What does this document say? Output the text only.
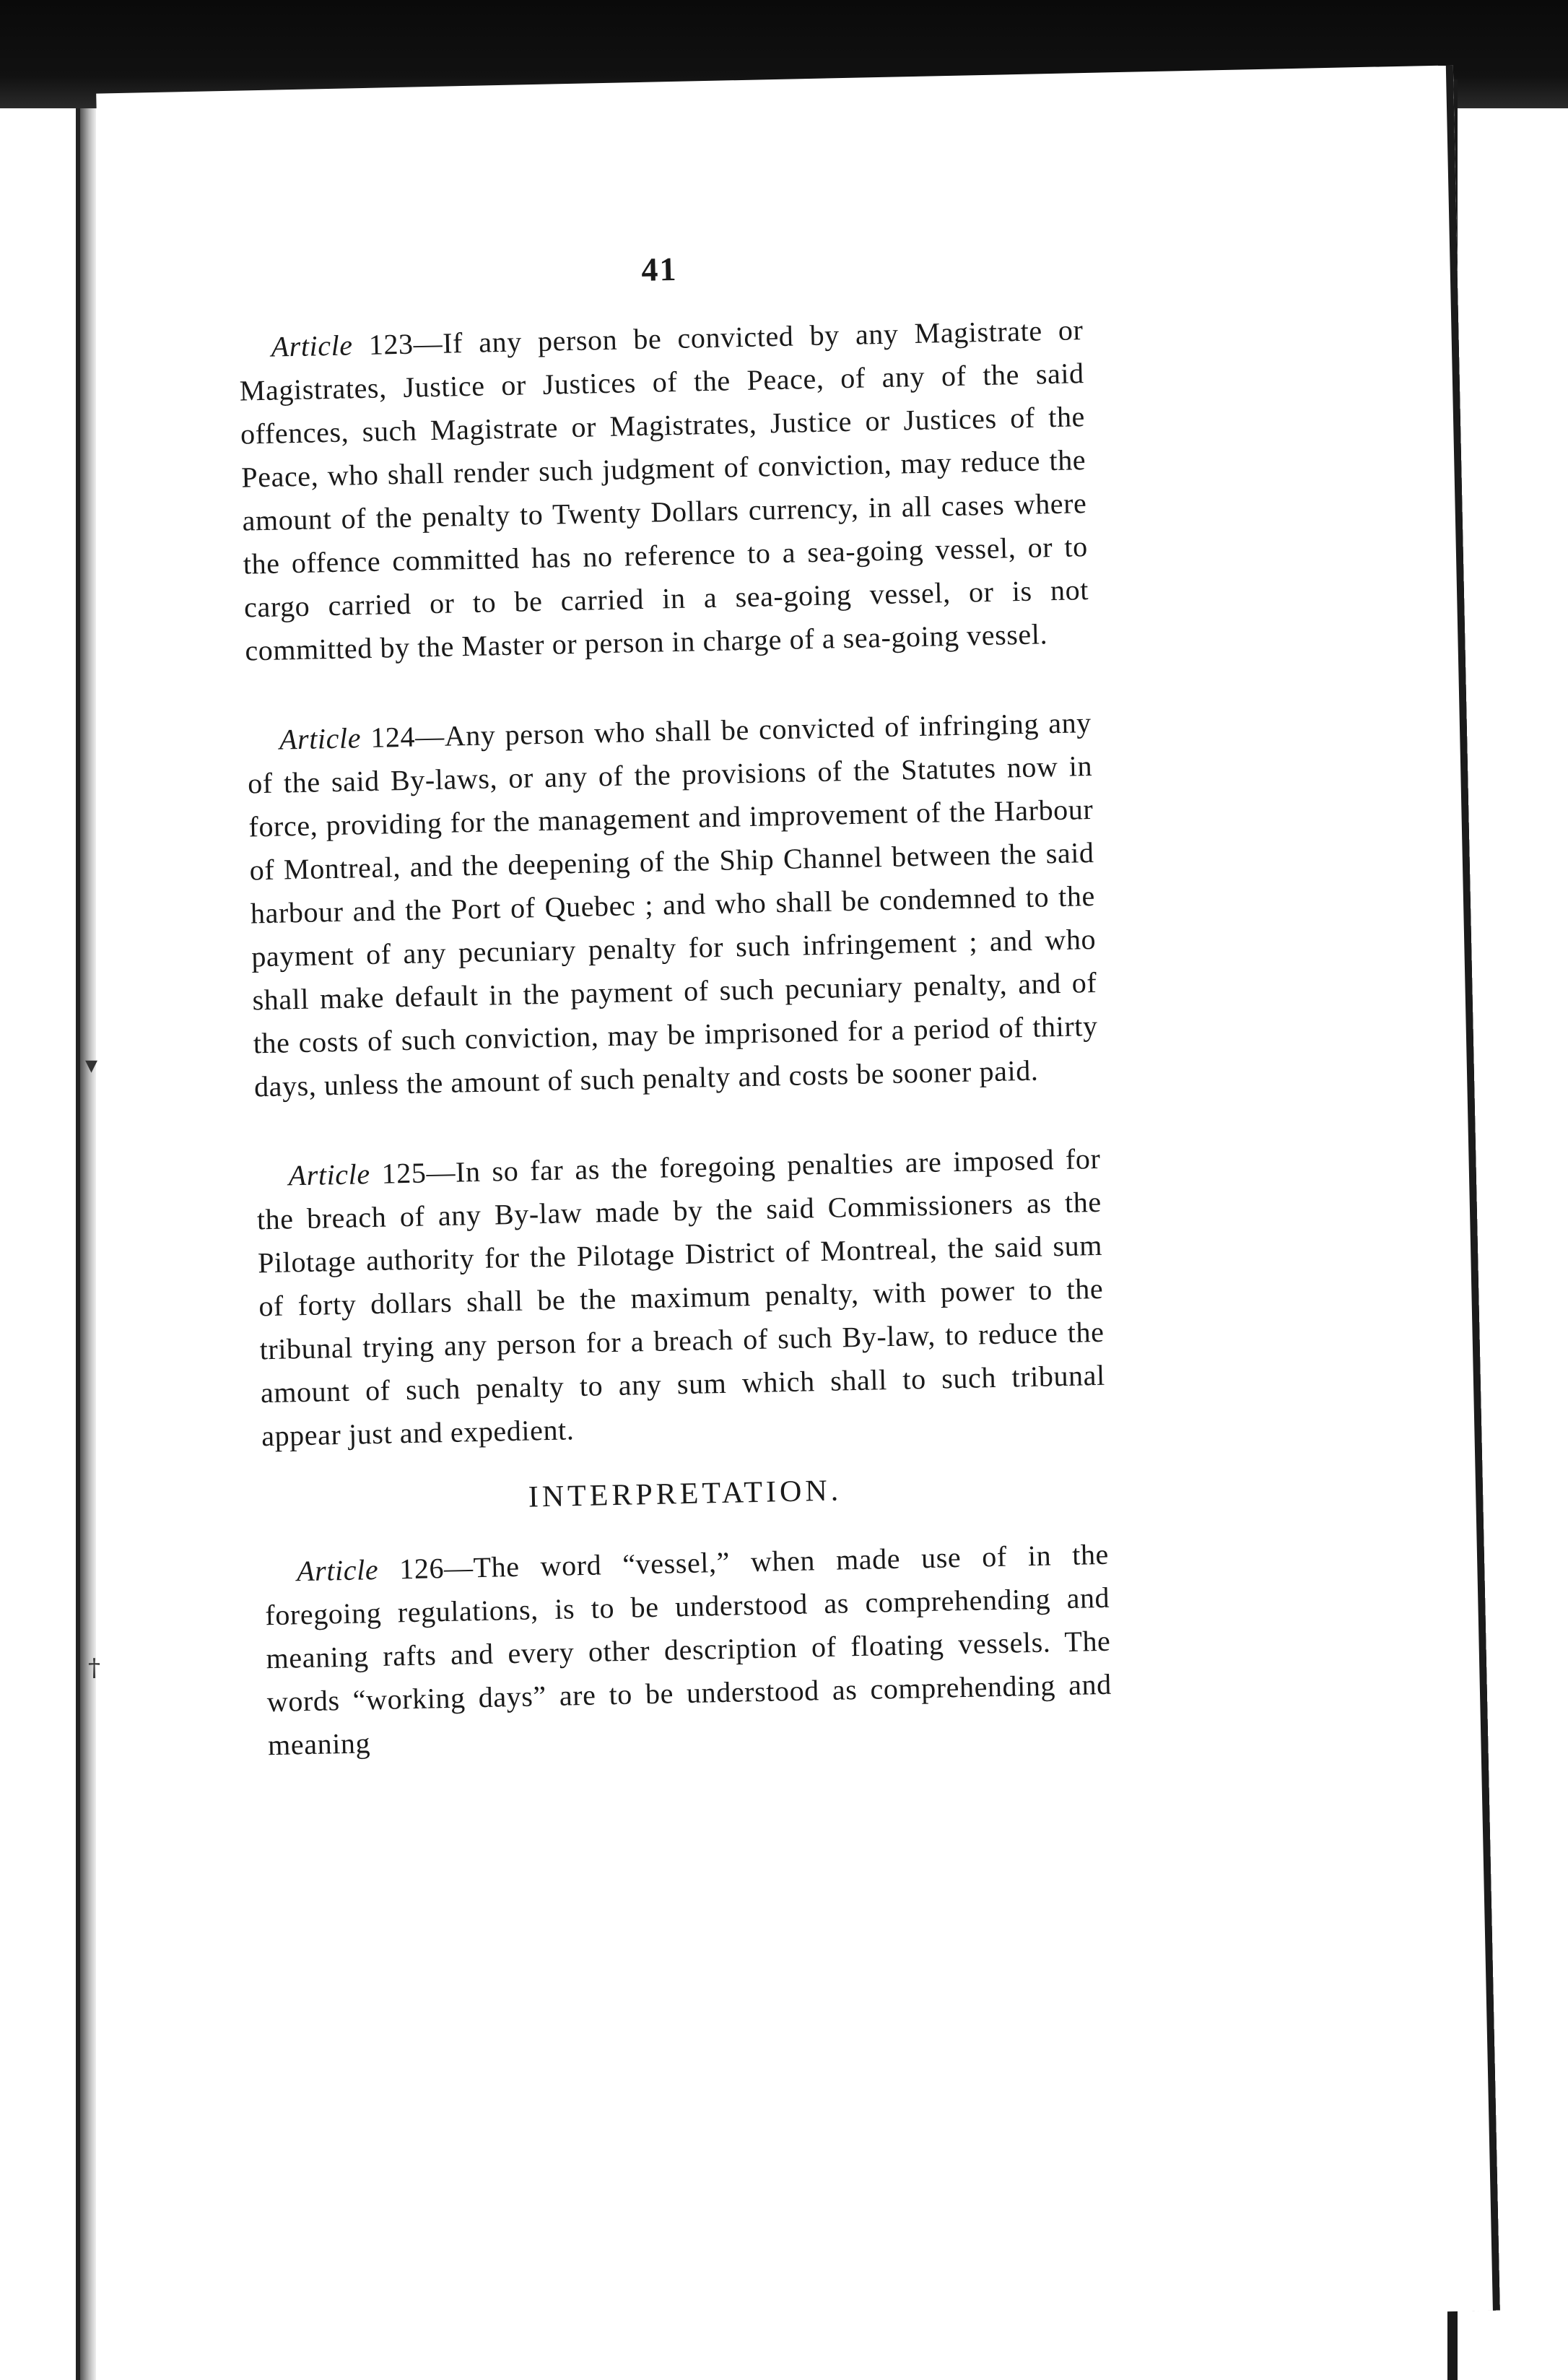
▾
†
41

Article 123—If any person be convicted by any Magistrate or Magistrates, Justice or Justices of the Peace, of any of the said offences, such Magistrate or Magistrates, Justice or Justices of the Peace, who shall render such judgment of conviction, may reduce the amount of the penalty to Twenty Dollars currency, in all cases where the offence committed has no reference to a sea-going vessel, or to cargo carried or to be carried in a sea-going vessel, or is not committed by the Master or person in charge of a sea-going vessel.

Article 124—Any person who shall be convicted of infringing any of the said By-laws, or any of the provisions of the Statutes now in force, providing for the management and improvement of the Harbour of Montreal, and the deepening of the Ship Channel between the said harbour and the Port of Quebec ; and who shall be condemned to the payment of any pecuniary penalty for such infringement ; and who shall make default in the payment of such pecuniary penalty, and of the costs of such conviction, may be imprisoned for a period of thirty days, unless the amount of such penalty and costs be sooner paid.

Article 125—In so far as the foregoing penalties are imposed for the breach of any By-law made by the said Commissioners as the Pilotage authority for the Pilotage District of Montreal, the said sum of forty dollars shall be the maximum penalty, with power to the tribunal trying any person for a breach of such By-law, to reduce the amount of such penalty to any sum which shall to such tribunal appear just and expedient.

INTERPRETATION.

Article 126—The word “vessel,” when made use of in the foregoing regulations, is to be understood as comprehending and meaning rafts and every other description of floating vessels. The words “working days” are to be understood as comprehending and meaning
